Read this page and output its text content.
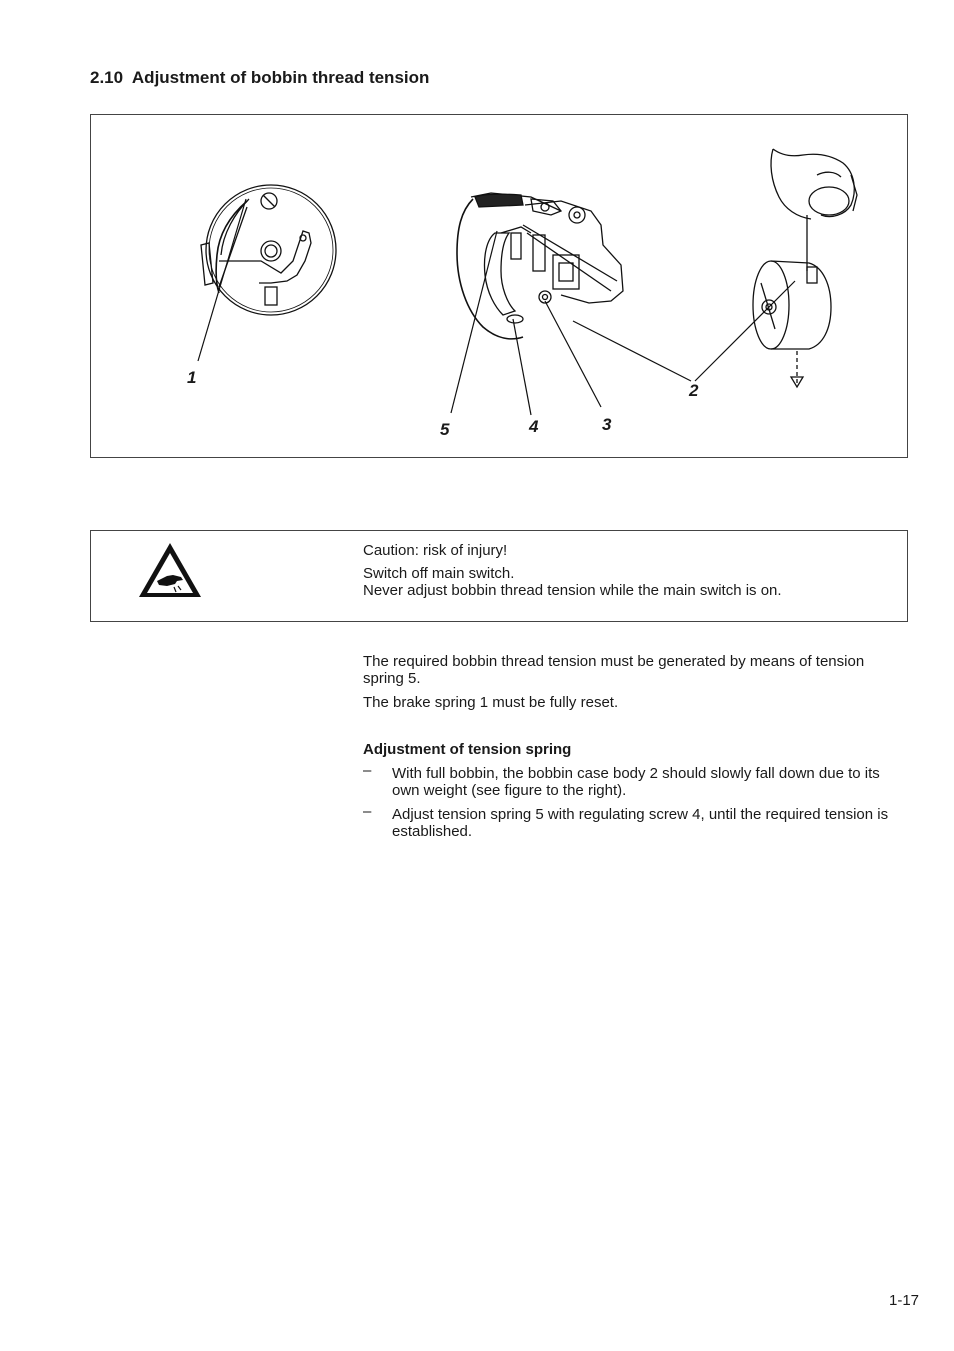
2.10  Adjustment of bobbin thread tension
1
2
3
4
5

Caution: risk of injury!

Switch off main switch.
Never adjust bobbin thread tension while the main switch is on.

The required bobbin thread tension must be generated by means of tension spring 5.

The brake spring 1 must be fully reset.

Adjustment of tension spring

– With full bobbin, the bobbin case body 2 should slowly fall down due to its own weight (see figure to the right).
– Adjust tension spring 5 with regulating screw 4, until the required tension is established.
1-17
